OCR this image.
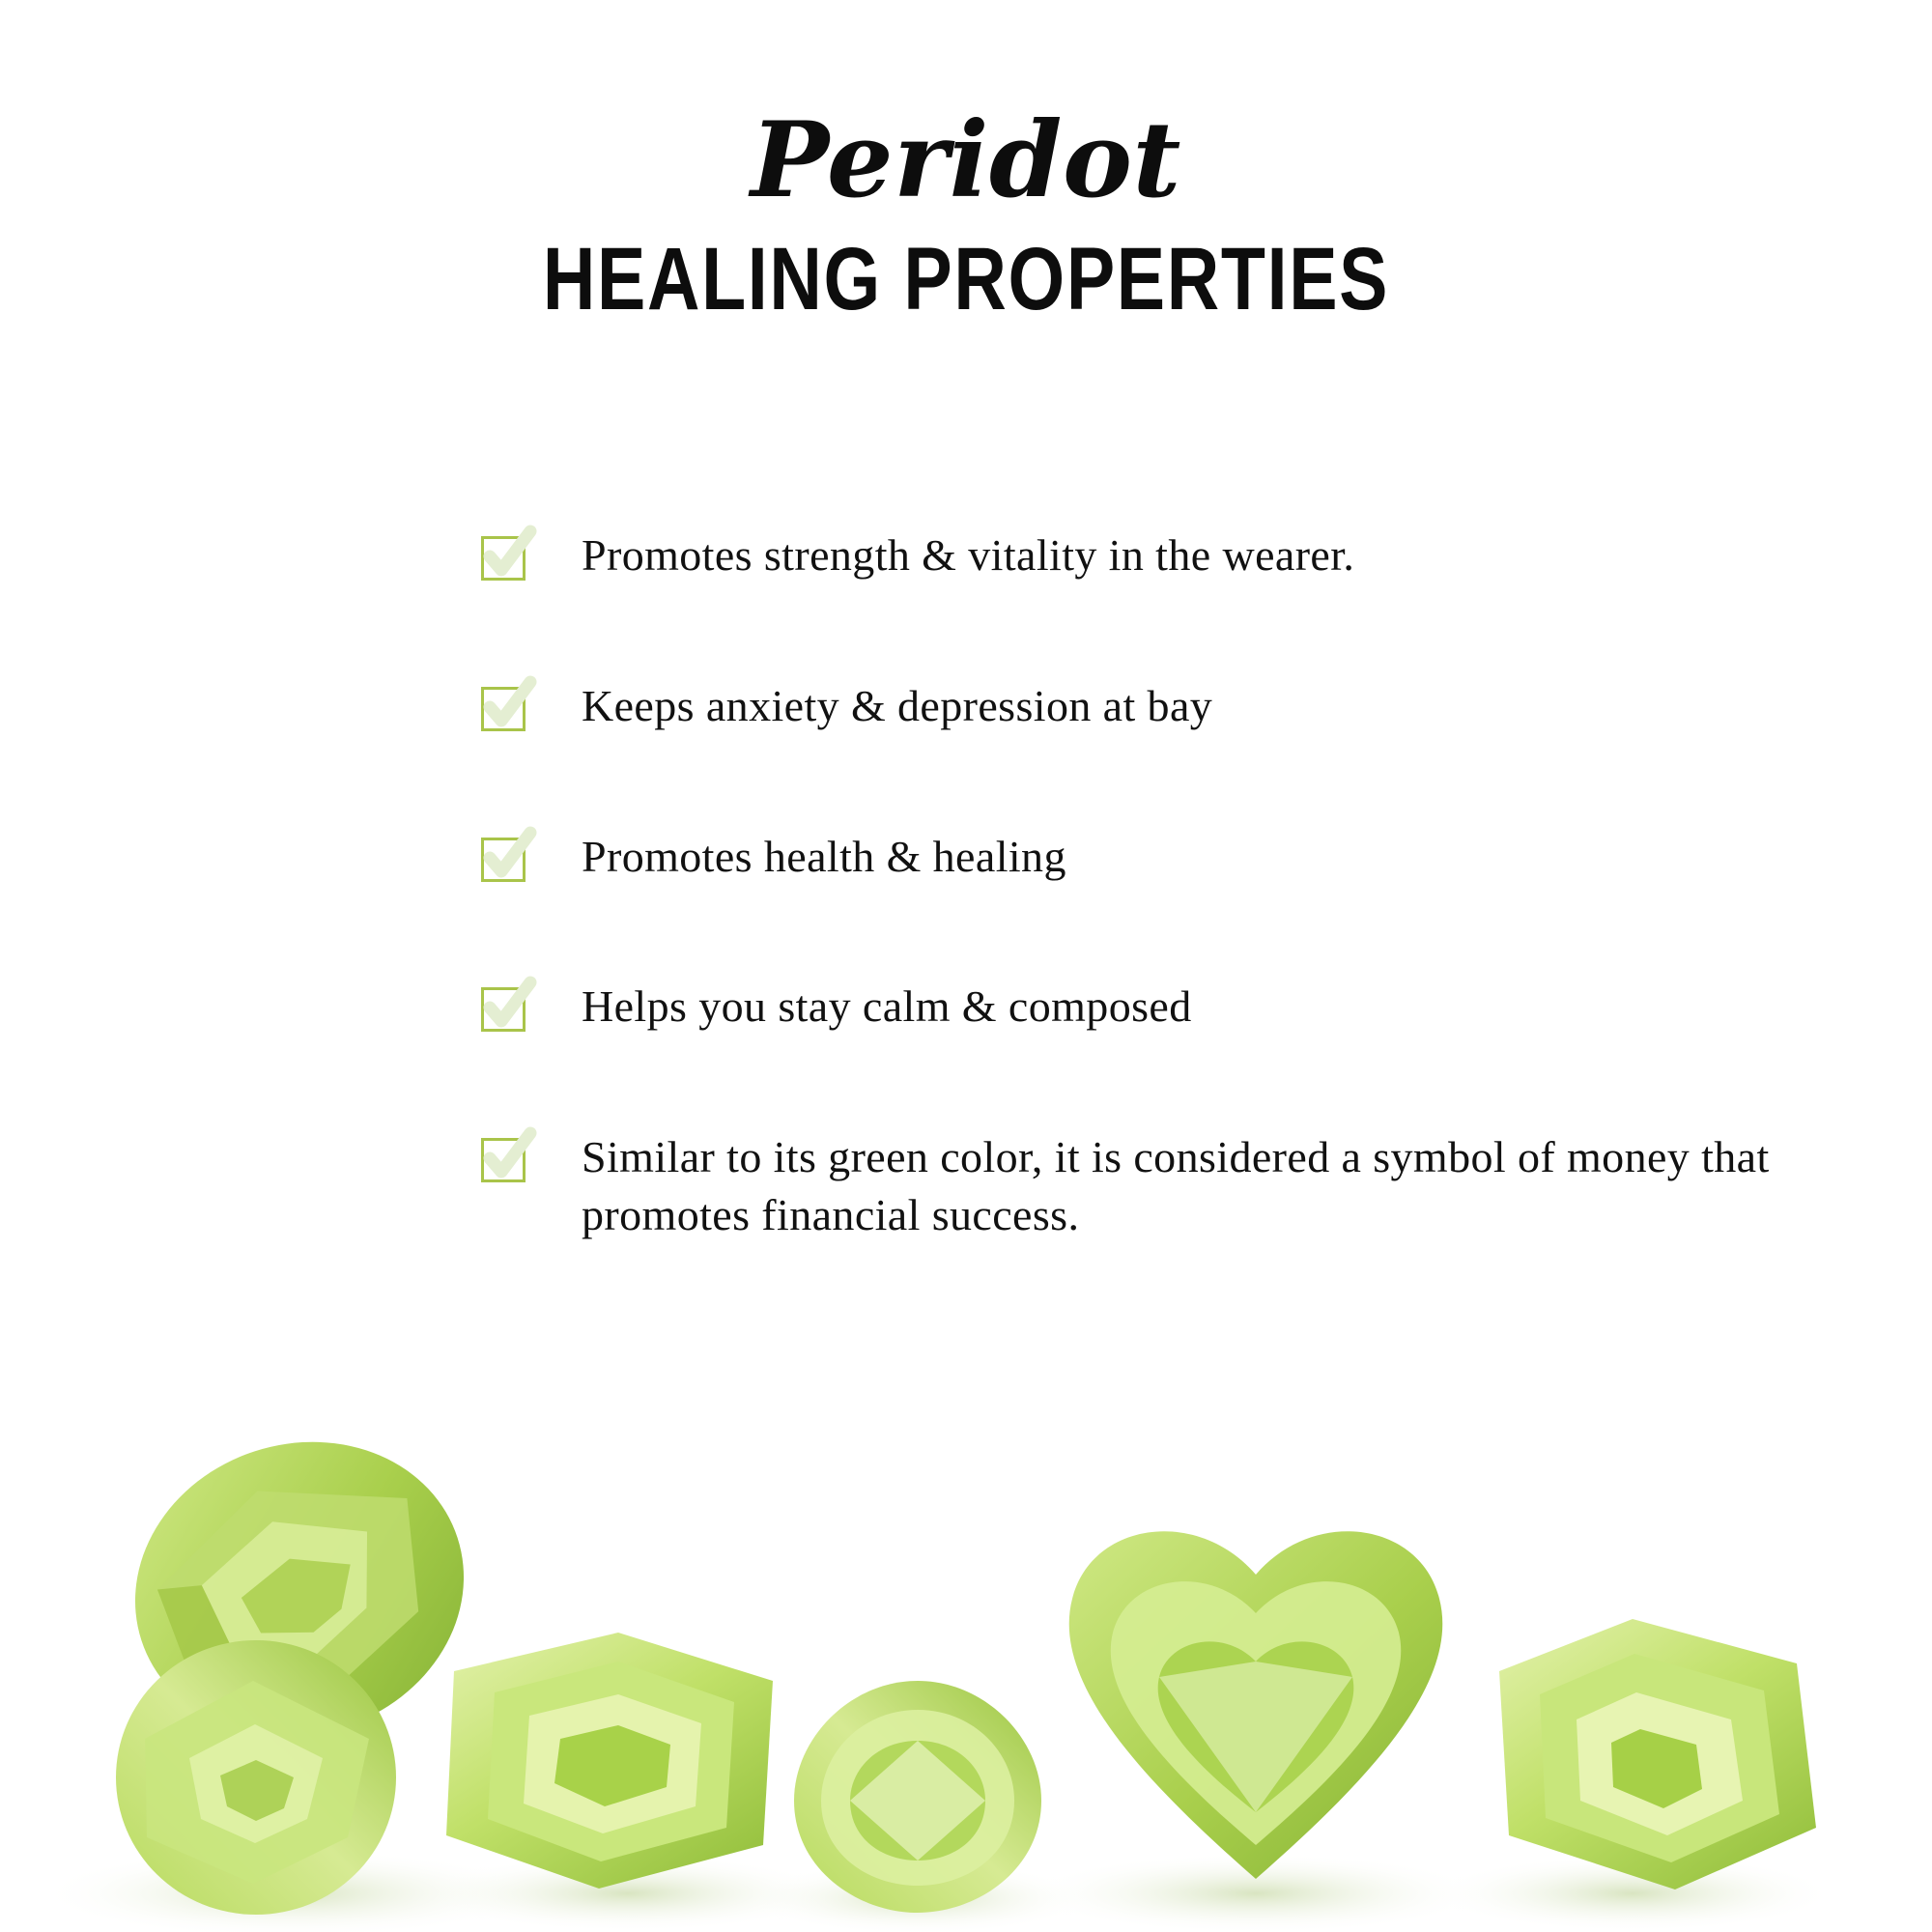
Peridot
HEALING PROPERTIES
Promotes strength & vitality in the wearer.
Keeps anxiety & depression at bay
Promotes health & healing
Helps you stay calm & composed
Similar to its green color, it is considered a symbol of money that promotes financial success.
